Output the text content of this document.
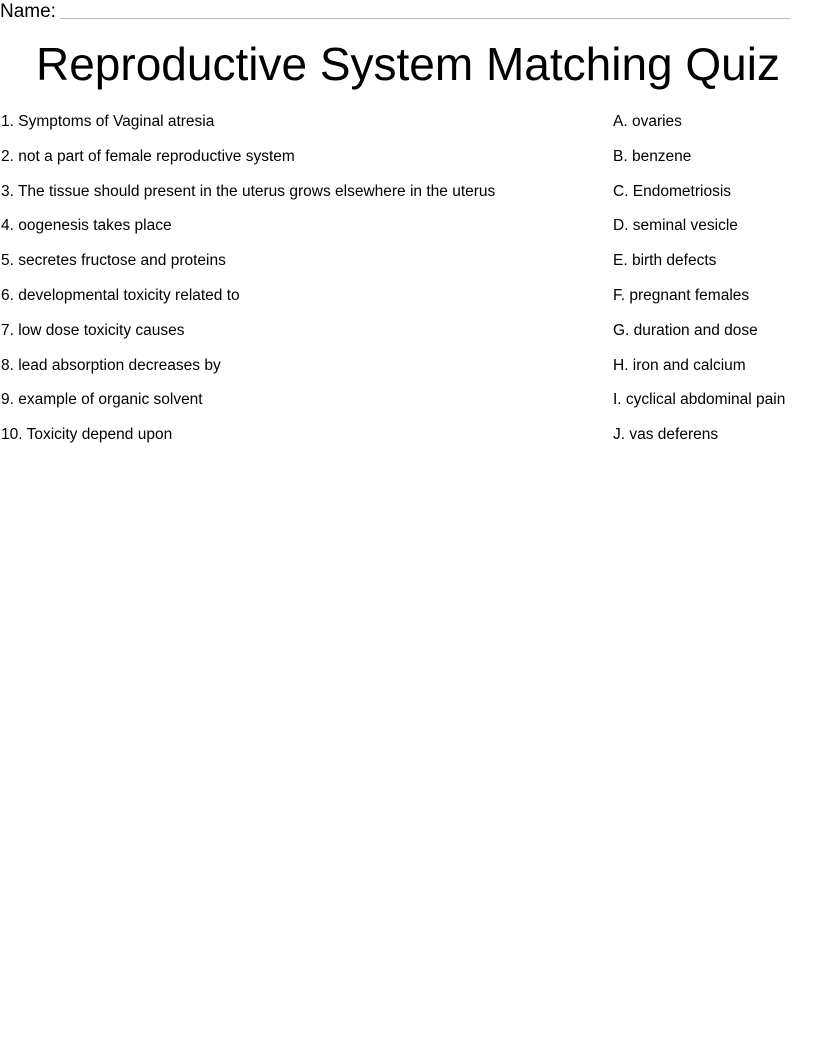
Name:
Reproductive System Matching Quiz
1. Symptoms of Vaginal atresia
2. not a part of female reproductive system
3. The tissue should present in the uterus grows elsewhere in the uterus
4. oogenesis takes place
5. secretes fructose and proteins
6. developmental toxicity related to
7. low dose toxicity causes
8. lead absorption decreases by
9. example of organic solvent
10. Toxicity depend upon
A. ovaries
B. benzene
C. Endometriosis
D. seminal vesicle
E. birth defects
F. pregnant females
G. duration and dose
H. iron and calcium
I. cyclical abdominal pain
J. vas deferens
